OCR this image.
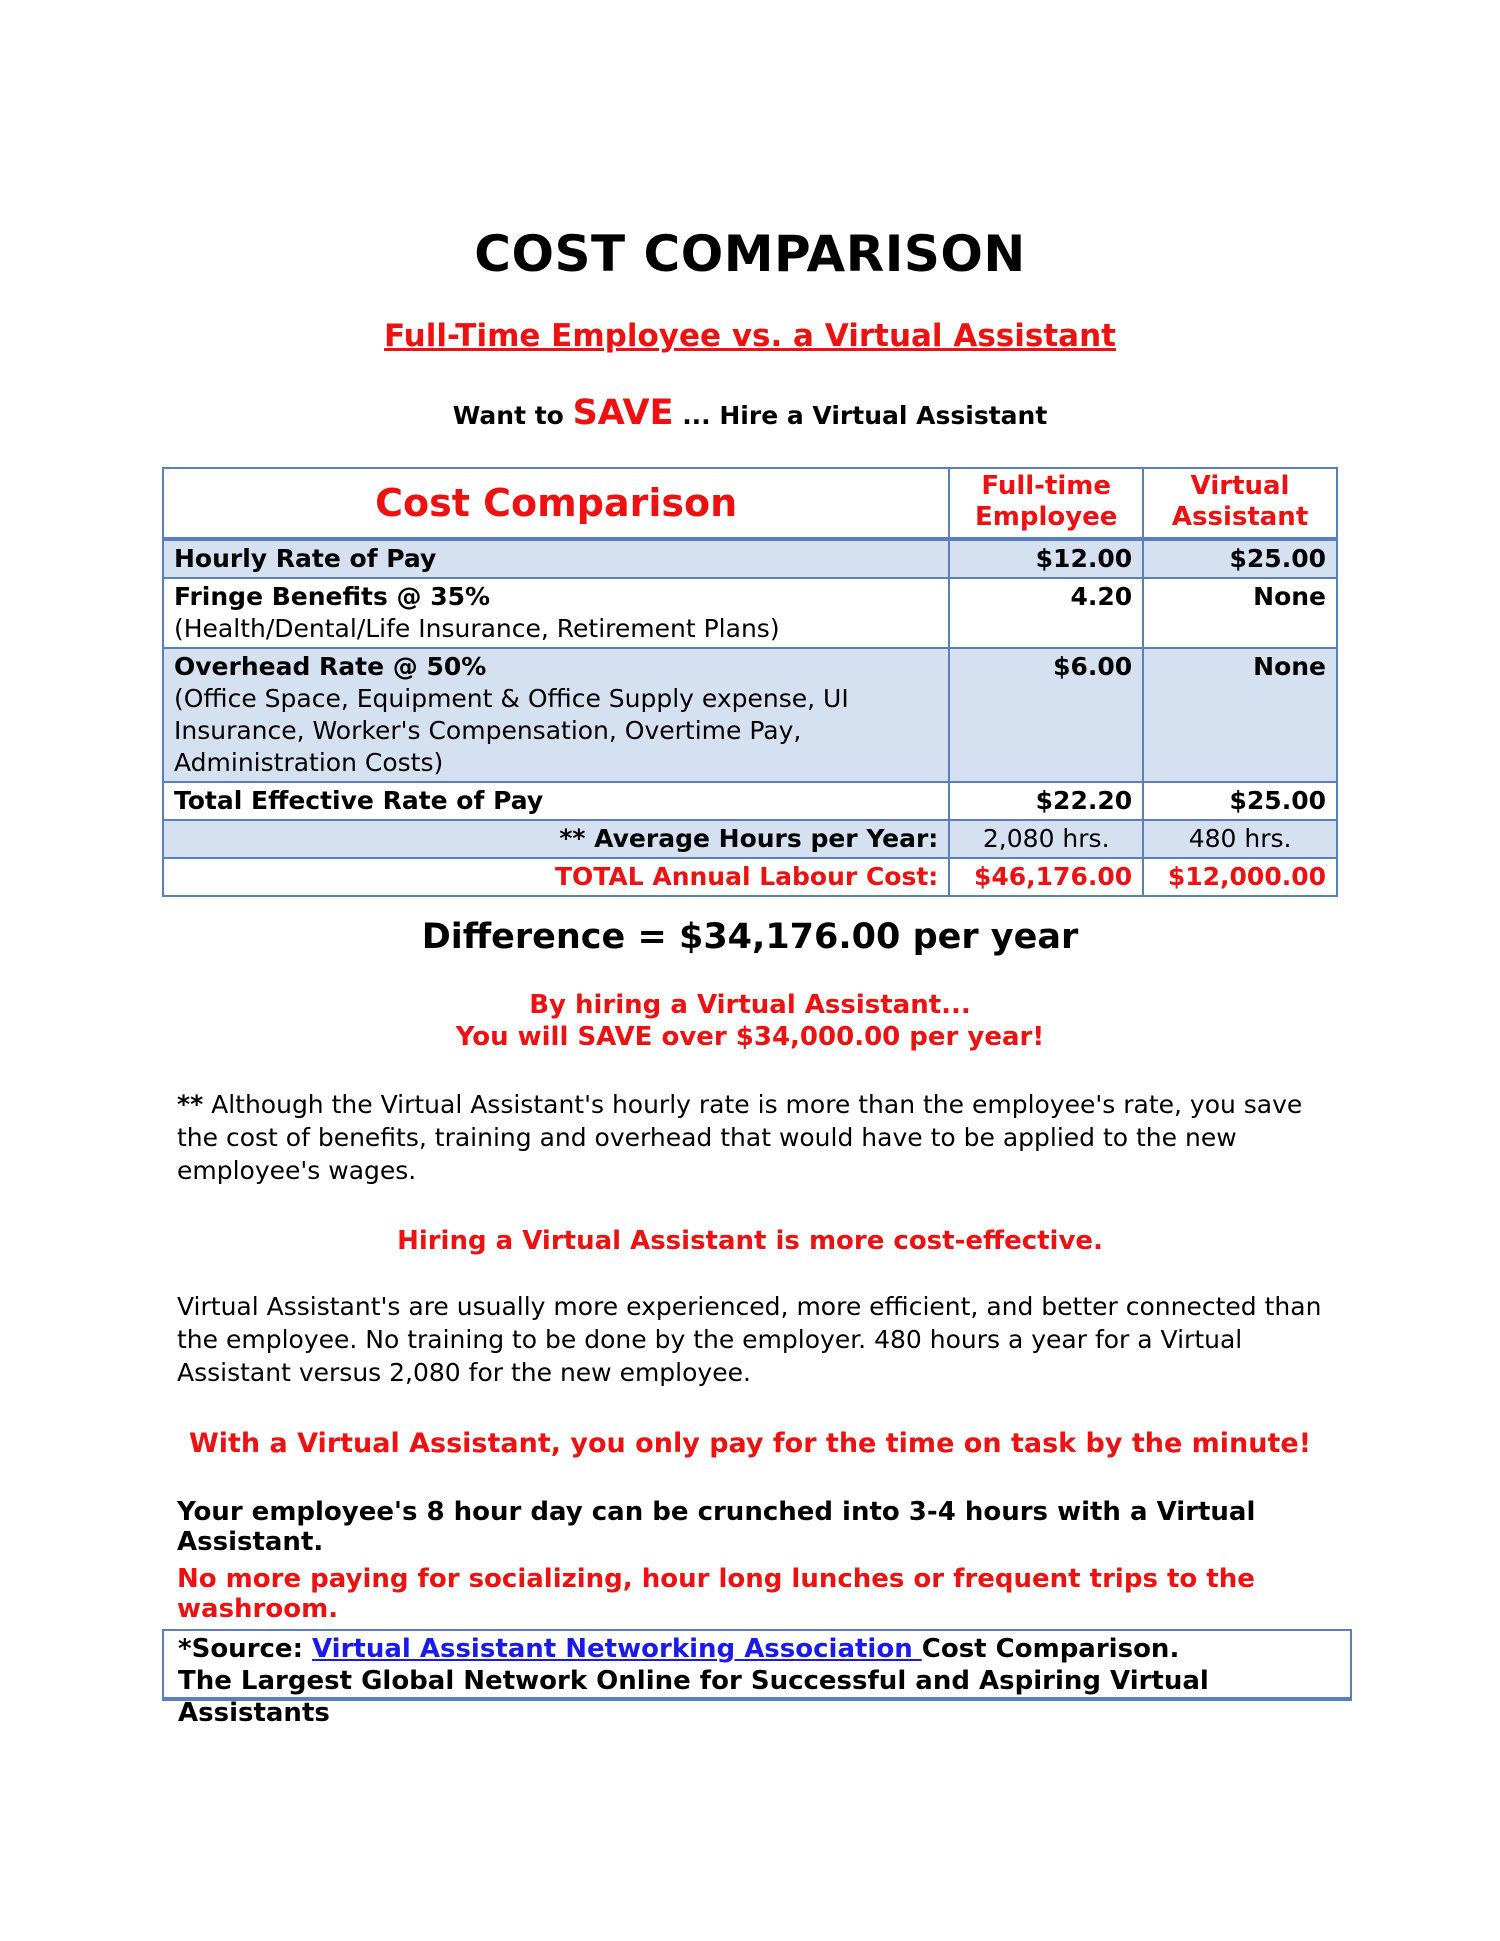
COST COMPARISON
Full-Time Employee vs. a Virtual Assistant
Want to SAVE ... Hire a Virtual Assistant
Cost Comparison	Full-time Employee	Virtual Assistant
Hourly Rate of Pay	$12.00	$25.00

Fringe Benefits @ 35%
(Health/Dental/Life Insurance, Retirement Plans)	4.20	None

Overhead Rate @ 50%
(Office Space, Equipment & Office Supply expense, UI Insurance, Worker's Compensation, Overtime Pay, Administration Costs)	$6.00	None
Total Effective Rate of Pay	$22.20	$25.00
** Average Hours per Year:	2,080 hrs.	480 hrs.
TOTAL Annual Labour Cost:	$46,176.00	$12,000.00
Difference = $34,176.00 per year
By hiring a Virtual Assistant...
You will SAVE over $34,000.00 per year!
** Although the Virtual Assistant's hourly rate is more than the employee's rate, you save the cost of benefits, training and overhead that would have to be applied to the new employee's wages.
Hiring a Virtual Assistant is more cost-effective.
Virtual Assistant's are usually more experienced, more efficient, and better connected than the employee. No training to be done by the employer. 480 hours a year for a Virtual Assistant versus 2,080 for the new employee.
With a Virtual Assistant, you only pay for the time on task by the minute!
Your employee's 8 hour day can be crunched into 3-4 hours with a Virtual Assistant.
No more paying for socializing, hour long lunches or frequent trips to the washroom.
*Source: Virtual Assistant Networking Association Cost Comparison.
The Largest Global Network Online for Successful and Aspiring Virtual Assistants
